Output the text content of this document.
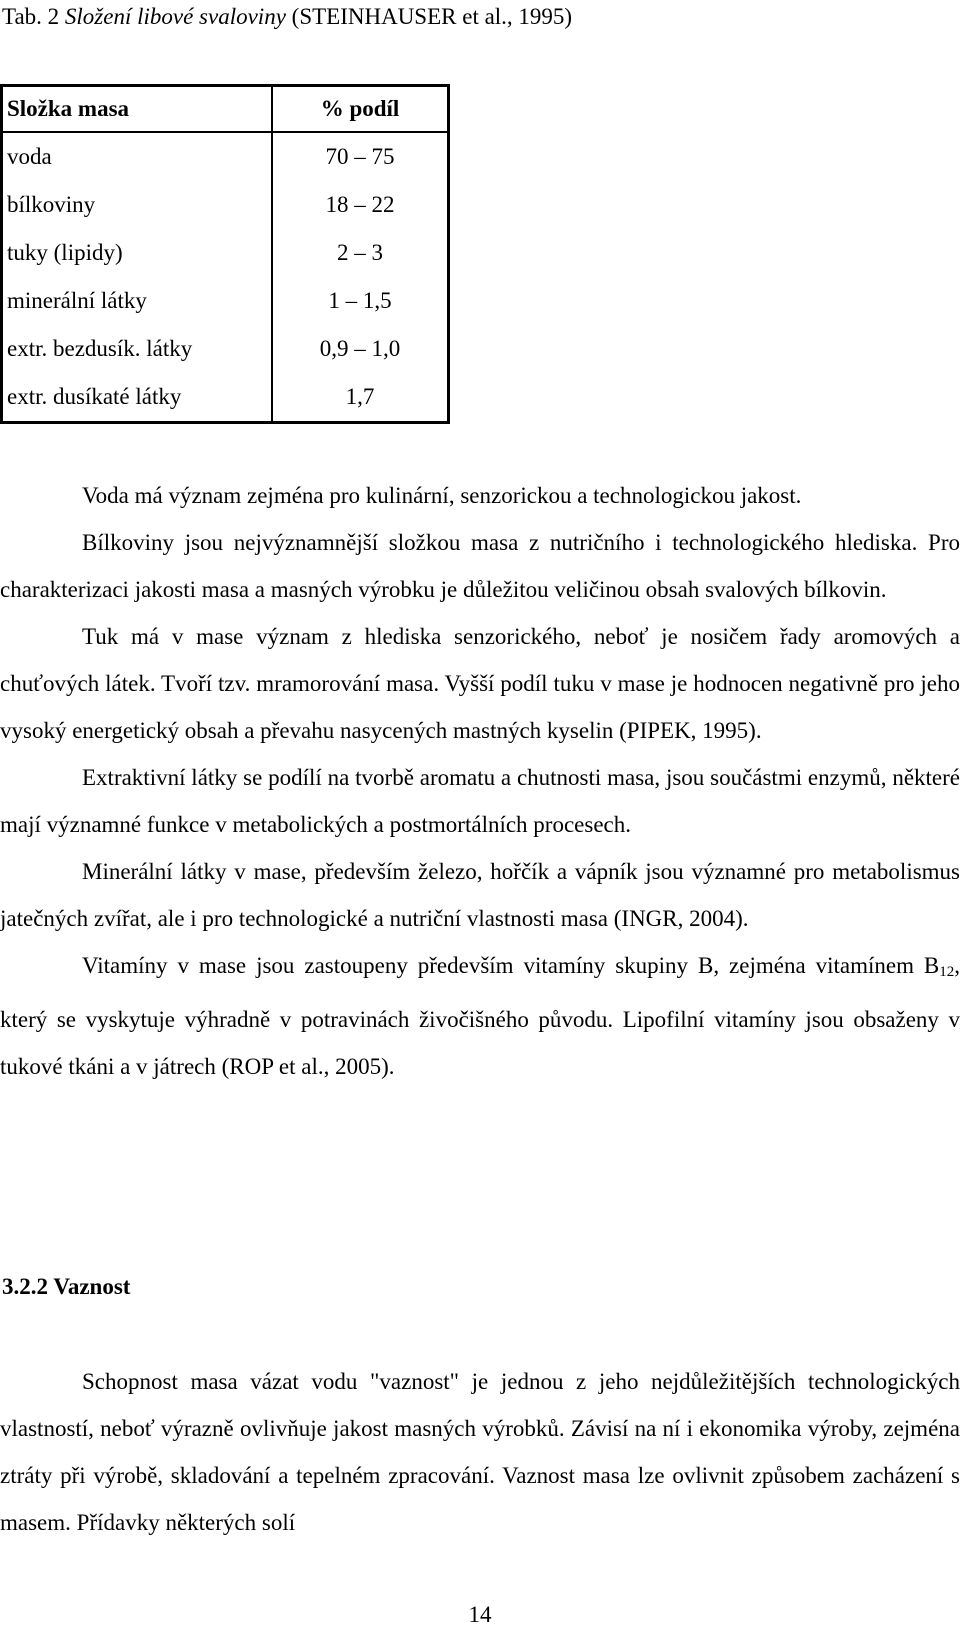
Tab. 2 Složení libové svaloviny (STEINHAUSER et al., 1995)
Složka masa	% podíl
voda	70 – 75
bílkoviny	18 – 22
tuky (lipidy)	2 – 3
minerální látky	1 – 1,5
extr. bezdusík. látky	0,9 – 1,0
extr. dusíkaté látky	1,7

Voda má význam zejména pro kulinární, senzorickou a technologickou jakost.

Bílkoviny jsou nejvýznamnější složkou masa z nutričního i technologického hlediska. Pro charakterizaci jakosti masa a masných výrobku je důležitou veličinou obsah svalových bílkovin.

Tuk má v mase význam z hlediska senzorického, neboť je nosičem řady aromových a chuťových látek. Tvoří tzv. mramorování masa. Vyšší podíl tuku v mase je hodnocen negativně pro jeho vysoký energetický obsah a převahu nasycených mastných kyselin (PIPEK, 1995).

Extraktivní látky se podílí na tvorbě aromatu a chutnosti masa, jsou součástmi enzymů, některé mají významné funkce v metabolických a postmortálních procesech.

Minerální látky v mase, především železo, hořčík a vápník jsou významné pro metabolismus jatečných zvířat, ale i pro technologické a nutriční vlastnosti masa (INGR, 2004).

Vitamíny v mase jsou zastoupeny především vitamíny skupiny B, zejména vitamínem $B_{12}$, který se vyskytuje výhradně v potravinách živočišného původu. Lipofilní vitamíny jsou obsaženy v tukové tkáni a v játrech (ROP et al., 2005).

3.2.2 Vaznost

Schopnost masa vázat vodu "vaznost" je jednou z jeho nejdůležitějších technologických vlastností, neboť výrazně ovlivňuje jakost masných výrobků. Závisí na ní i ekonomika výroby, zejména ztráty při výrobě, skladování a tepelném zpracování. Vaznost masa lze ovlivnit způsobem zacházení s masem. Přídavky některých solí

14
